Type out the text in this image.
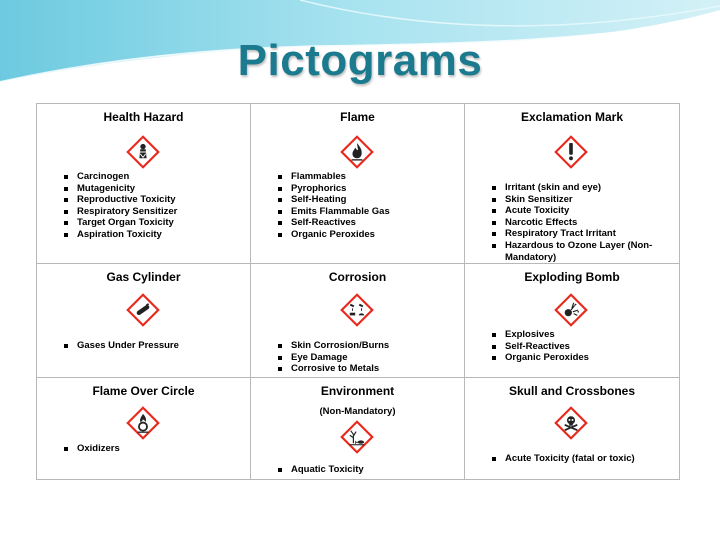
Pictograms
Health Hazard
Carcinogen
Mutagenicity
Reproductive Toxicity
Respiratory Sensitizer
Target Organ Toxicity
Aspiration Toxicity
Flame
Flammables
Pyrophorics
Self-Heating
Emits Flammable Gas
Self-Reactives
Organic Peroxides
Exclamation Mark
Irritant (skin and eye)
Skin Sensitizer
Acute Toxicity
Narcotic Effects
Respiratory Tract Irritant
Hazardous to Ozone Layer (Non-Mandatory)
Gas Cylinder
Gases Under Pressure
Corrosion
Skin Corrosion/Burns
Eye Damage
Corrosive to Metals
Exploding Bomb
Explosives
Self-Reactives
Organic Peroxides
Flame Over Circle
Oxidizers
Environment
(Non-Mandatory)
Aquatic Toxicity
Skull and Crossbones
Acute Toxicity (fatal or toxic)
